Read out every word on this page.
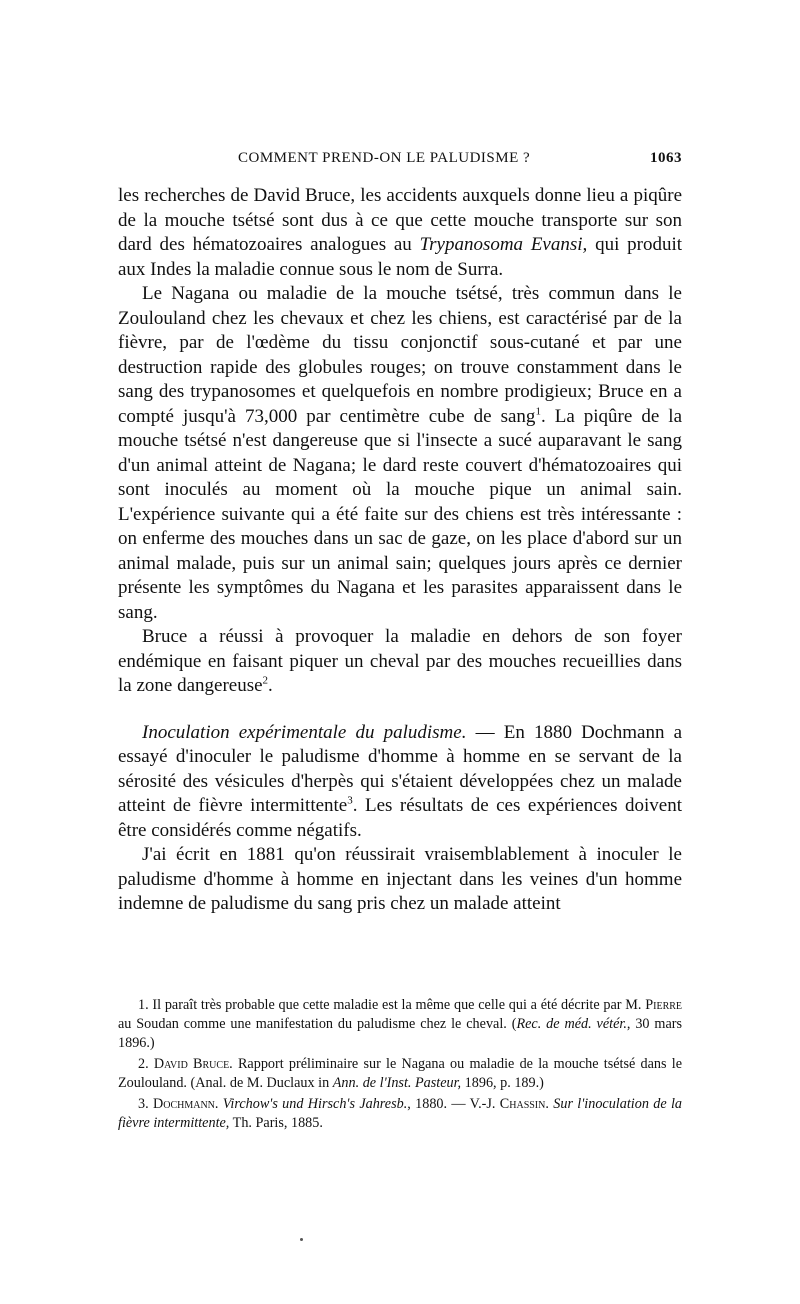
COMMENT PREND-ON LE PALUDISME ?	1063

les recherches de David Bruce, les accidents auxquels donne lieu a piqûre de la mouche tsétsé sont dus à ce que cette mouche transporte sur son dard des hématozoaires analogues au Trypanosoma Evansi, qui produit aux Indes la maladie connue sous le nom de Surra.

Le Nagana ou maladie de la mouche tsétsé, très commun dans le Zoulouland chez les chevaux et chez les chiens, est caractérisé par de la fièvre, par de l'œdème du tissu conjonctif sous-cutané et par une destruction rapide des globules rouges; on trouve constamment dans le sang des trypanosomes et quelquefois en nombre prodigieux; Bruce en a compté jusqu'à 73,000 par centimètre cube de sang$^1$. La piqûre de la mouche tsétsé n'est dangereuse que si l'insecte a sucé auparavant le sang d'un animal atteint de Nagana; le dard reste couvert d'hématozoaires qui sont inoculés au moment où la mouche pique un animal sain. L'expérience suivante qui a été faite sur des chiens est très intéressante : on enferme des mouches dans un sac de gaze, on les place d'abord sur un animal malade, puis sur un animal sain; quelques jours après ce dernier présente les symptômes du Nagana et les parasites apparaissent dans le sang.

Bruce a réussi à provoquer la maladie en dehors de son foyer endémique en faisant piquer un cheval par des mouches recueillies dans la zone dangereuse$^2$.

Inoculation expérimentale du paludisme. — En 1880 Dochmann a essayé d'inoculer le paludisme d'homme à homme en se servant de la sérosité des vésicules d'herpès qui s'étaient développées chez un malade atteint de fièvre intermittente$^3$. Les résultats de ces expériences doivent être considérés comme négatifs.

J'ai écrit en 1881 qu'on réussirait vraisemblablement à inoculer le paludisme d'homme à homme en injectant dans les veines d'un homme indemne de paludisme du sang pris chez un malade atteint

1. Il paraît très probable que cette maladie est la même que celle qui a été décrite par M. Pierre au Soudan comme une manifestation du paludisme chez le cheval. (Rec. de méd. vétér., 30 mars 1896.)

2. David Bruce. Rapport préliminaire sur le Nagana ou maladie de la mouche tsétsé dans le Zoulouland. (Anal. de M. Duclaux in Ann. de l'Inst. Pasteur, 1896, p. 189.)

3. Dochmann. Virchow's und Hirsch's Jahresb., 1880. — V.-J. Chassin. Sur l'inoculation de la fièvre intermittente, Th. Paris, 1885.
